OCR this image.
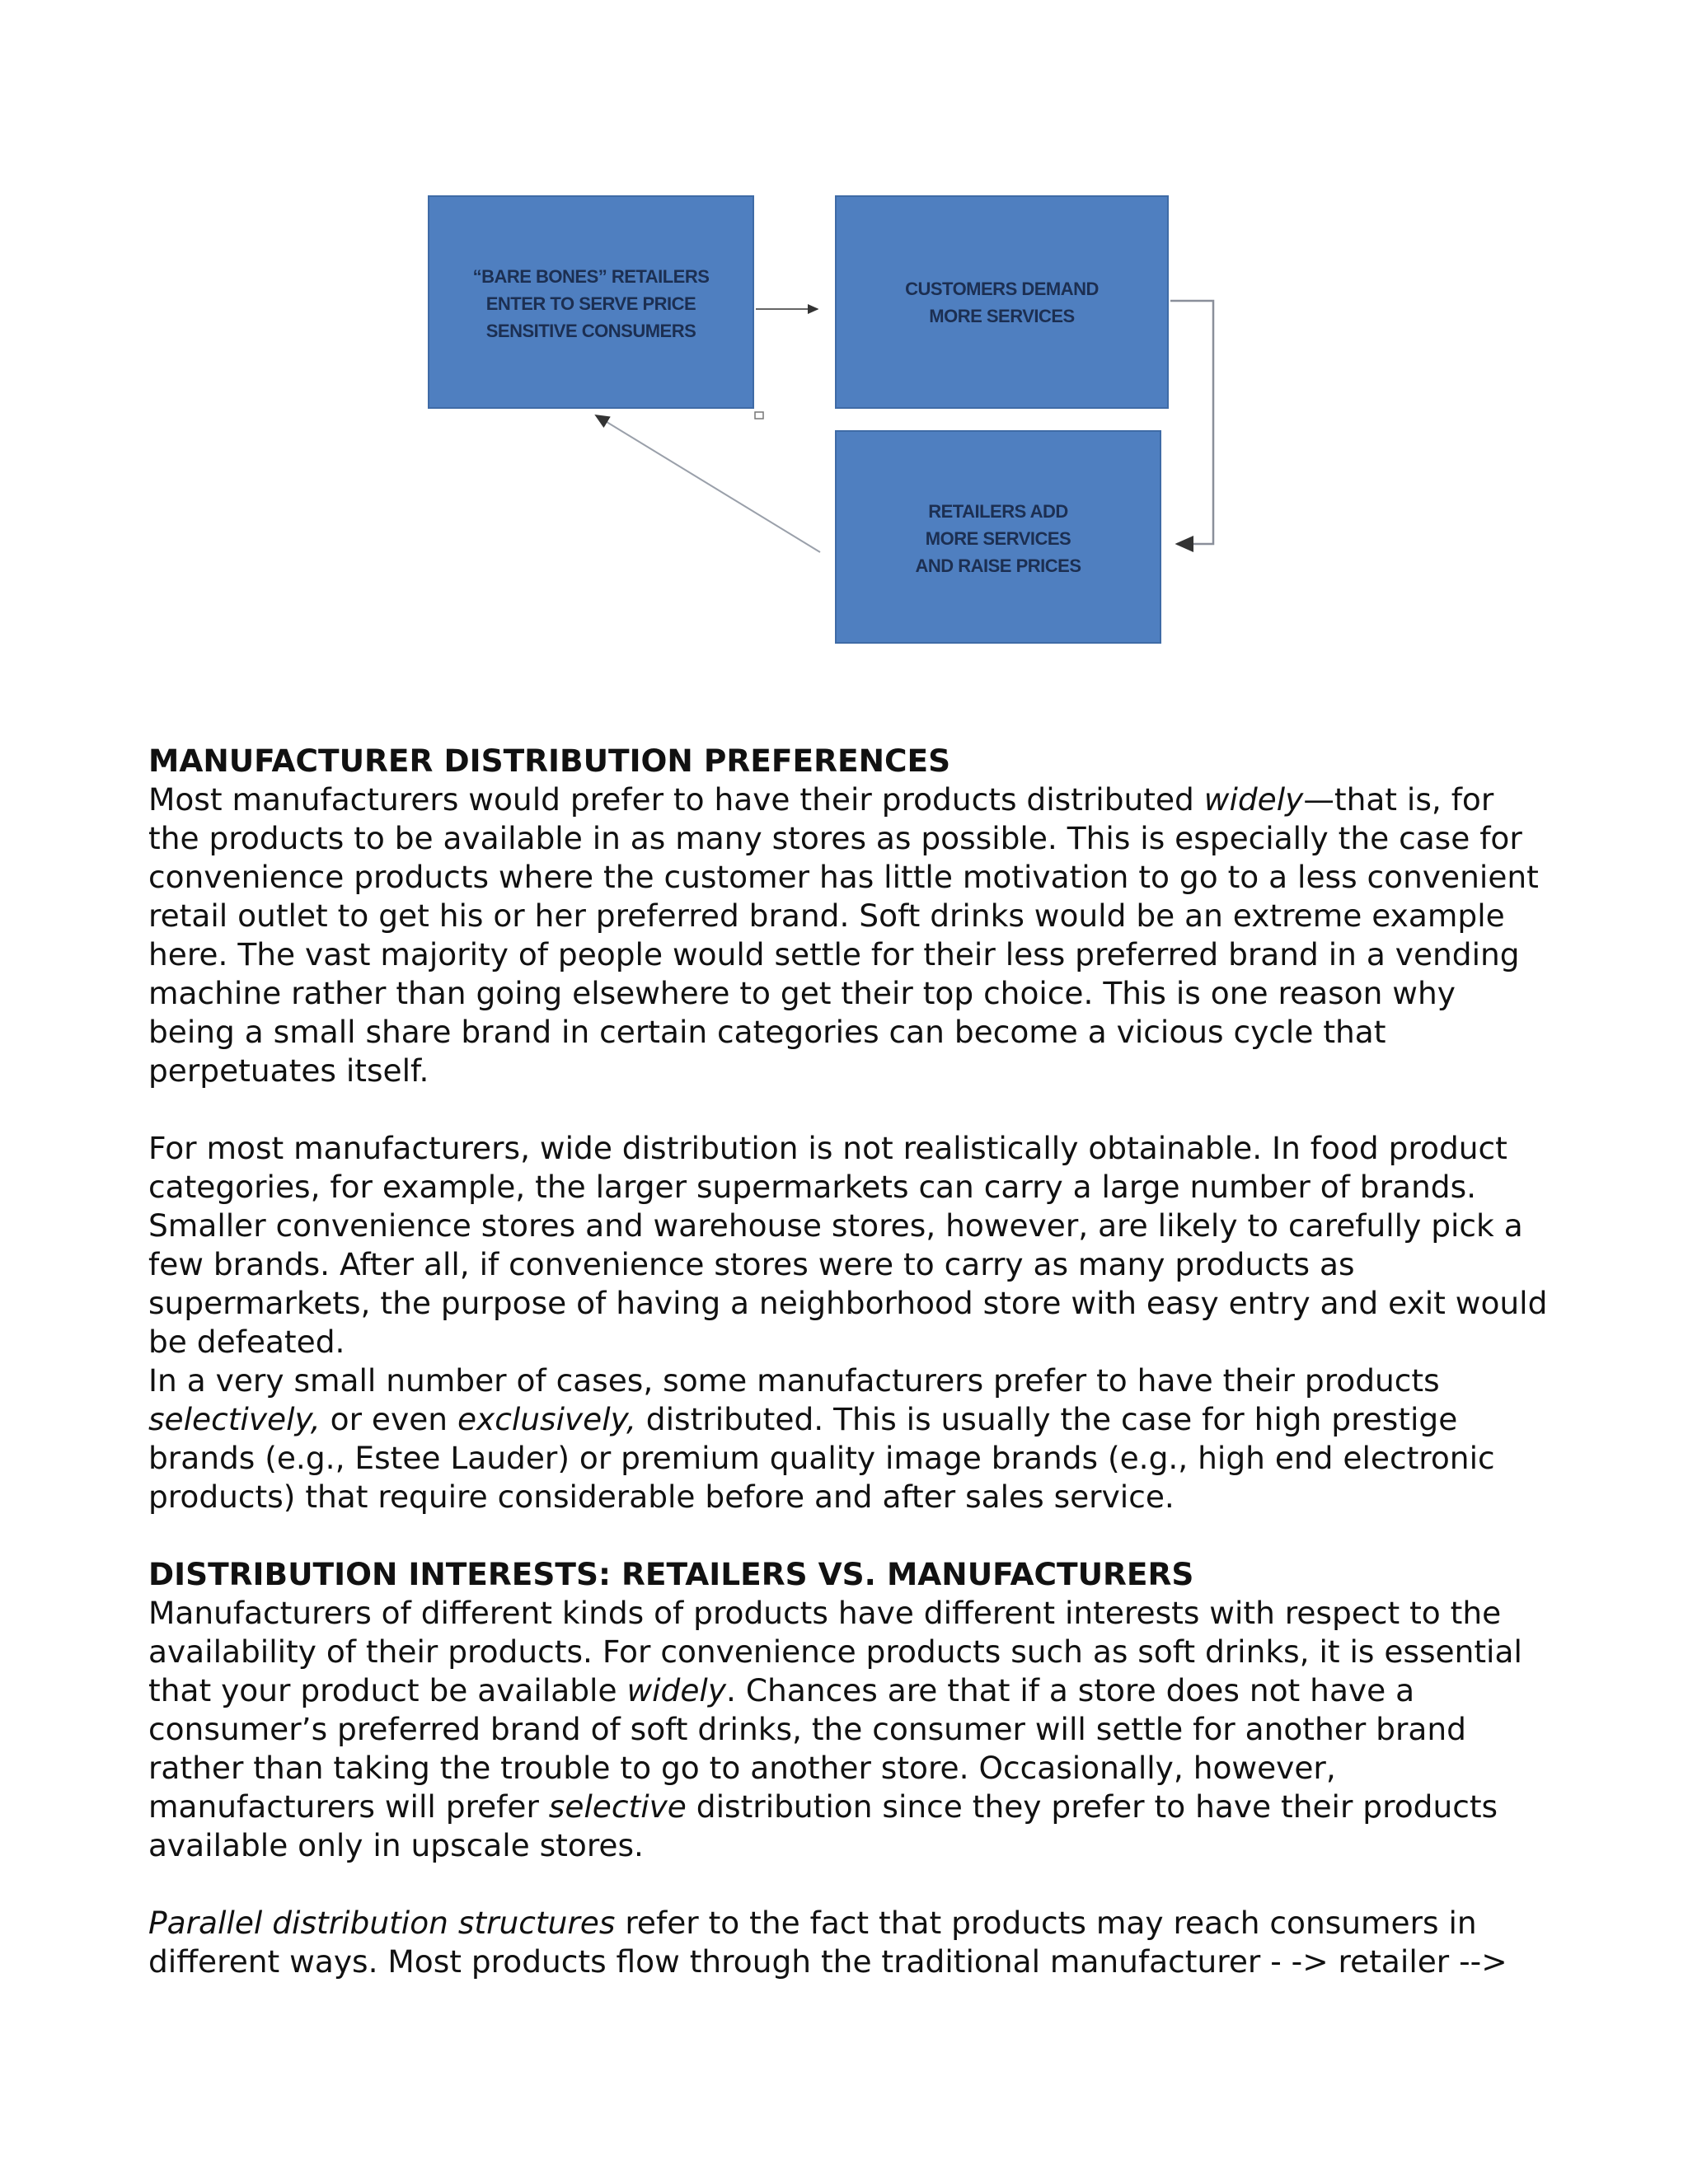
“BARE BONES” RETAILERS
ENTER TO SERVE PRICE
SENSITIVE CONSUMERS
CUSTOMERS DEMAND
MORE SERVICES
RETAILERS ADD
MORE SERVICES
AND RAISE PRICES
MANUFACTURER DISTRIBUTION PREFERENCES

Most manufacturers would prefer to have their products distributed widely—that is, for the products to be available in as many stores as possible. This is especially the case for convenience products where the customer has little motivation to go to a less convenient retail outlet to get his or her preferred brand. Soft drinks would be an extreme example here. The vast majority of people would settle for their less preferred brand in a vending machine rather than going elsewhere to get their top choice. This is one reason why being a small share brand in certain categories can become a vicious cycle that perpetuates itself.

For most manufacturers, wide distribution is not realistically obtainable. In food product categories, for example, the larger supermarkets can carry a large number of brands. Smaller convenience stores and warehouse stores, however, are likely to carefully pick a few brands. After all, if convenience stores were to carry as many products as supermarkets, the purpose of having a neighborhood store with easy entry and exit would be defeated.

In a very small number of cases, some manufacturers prefer to have their products selectively, or even exclusively, distributed. This is usually the case for high prestige brands (e.g., Estee Lauder) or premium quality image brands (e.g., high end electronic products) that require considerable before and after sales service.

DISTRIBUTION INTERESTS: RETAILERS VS. MANUFACTURERS

Manufacturers of different kinds of products have different interests with respect to the availability of their products. For convenience products such as soft drinks, it is essential that your product be available widely. Chances are that if a store does not have a consumer’s preferred brand of soft drinks, the consumer will settle for another brand rather than taking the trouble to go to another store. Occasionally, however, manufacturers will prefer selective distribution since they prefer to have their products available only in upscale stores.

Parallel distribution structures refer to the fact that products may reach consumers in different ways. Most products flow through the traditional manufacturer - -> retailer -->
